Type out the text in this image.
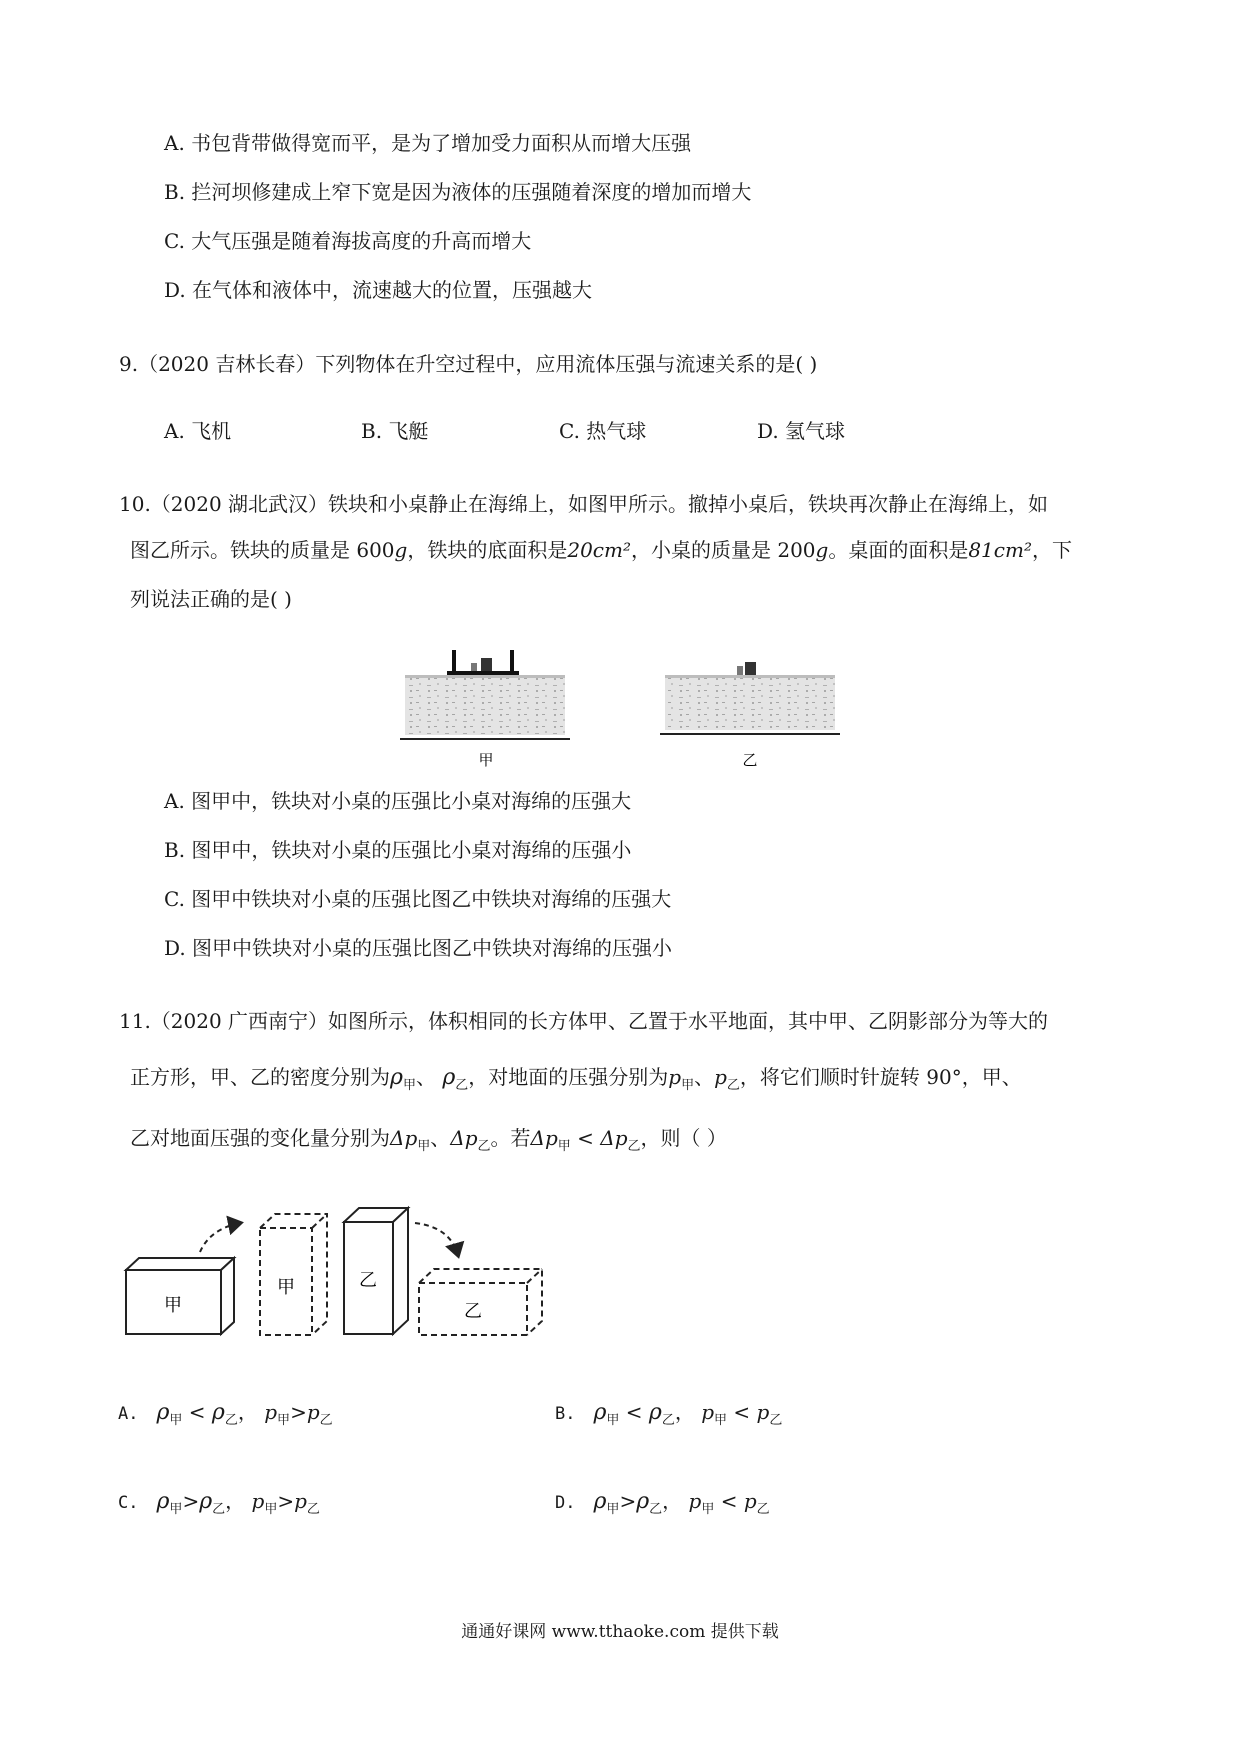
A. 书包背带做得宽而平，是为了增加受力面积从而增大压强
B. 拦河坝修建成上窄下宽是因为液体的压强随着深度的增加而增大
C. 大气压强是随着海拔高度的升高而增大
D. 在气体和液体中，流速越大的位置，压强越大
9.（2020 吉林长春）下列物体在升空过程中，应用流体压强与流速关系的是( )
A. 飞机	B. 飞艇	C. 热气球	D. 氢气球
10.（2020 湖北武汉）铁块和小桌静止在海绵上，如图甲所示。撤掉小桌后，铁块再次静止在海绵上，如
图乙所示。铁块的质量是 600g，铁块的底面积是20cm²，小桌的质量是 200g。桌面的面积是81cm²，下
列说法正确的是( )
甲	乙
A. 图甲中，铁块对小桌的压强比小桌对海绵的压强大
B. 图甲中，铁块对小桌的压强比小桌对海绵的压强小
C. 图甲中铁块对小桌的压强比图乙中铁块对海绵的压强大
D. 图甲中铁块对小桌的压强比图乙中铁块对海绵的压强小
11.（2020 广西南宁）如图所示，体积相同的长方体甲、乙置于水平地面，其中甲、乙阴影部分为等大的
正方形，甲、乙的密度分别为$\rho_甲$、 $\rho_乙$，对地面的压强分别为$p_甲$、$p_乙$，将它们顺时针旋转 90°，甲、
乙对地面压强的变化量分别为$\Delta p_甲$、$\Delta p_乙$。若$\Delta p_甲 < \Delta p_乙$，则（ ）
甲
甲	乙
乙
A. $\rho_甲 < \rho_乙$， $p_甲>p_乙$	B. $\rho_甲 < \rho_乙$， $p_甲 < p_乙$
C. $\rho_甲>\rho_乙$， $p_甲>p_乙$	D. $\rho_甲>\rho_乙$， $p_甲 < p_乙$
通通好课网 www.tthaoke.com 提供下载
